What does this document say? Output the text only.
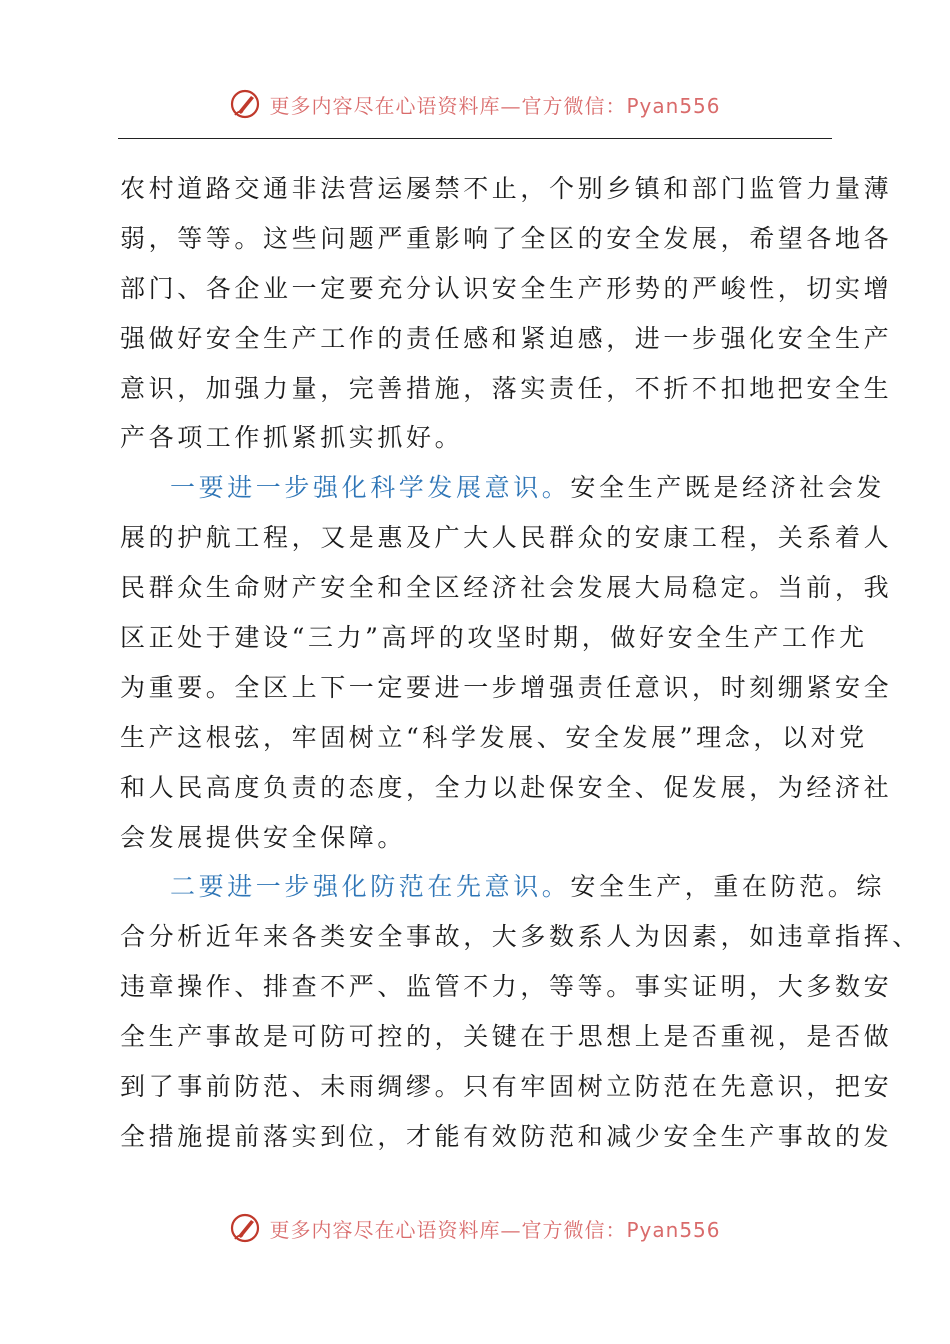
更多内容尽在心语资料库—官方微信：Pyan556
农村道路交通非法营运屡禁不止，个别乡镇和部门监管力量薄
弱，等等。这些问题严重影响了全区的安全发展，希望各地各
部门、各企业一定要充分认识安全生产形势的严峻性，切实增
强做好安全生产工作的责任感和紧迫感，进一步强化安全生产
意识，加强力量，完善措施，落实责任，不折不扣地把安全生
产各项工作抓紧抓实抓好。
一要进一步强化科学发展意识。安全生产既是经济社会发
展的护航工程，又是惠及广大人民群众的安康工程，关系着人
民群众生命财产安全和全区经济社会发展大局稳定。当前，我
区正处于建设“三力”高坪的攻坚时期，做好安全生产工作尤
为重要。全区上下一定要进一步增强责任意识，时刻绷紧安全
生产这根弦，牢固树立“科学发展、安全发展”理念，以对党
和人民高度负责的态度，全力以赴保安全、促发展，为经济社
会发展提供安全保障。
二要进一步强化防范在先意识。安全生产，重在防范。综
合分析近年来各类安全事故，大多数系人为因素，如违章指挥、
违章操作、排查不严、监管不力，等等。事实证明，大多数安
全生产事故是可防可控的，关键在于思想上是否重视，是否做
到了事前防范、未雨绸缪。只有牢固树立防范在先意识，把安
全措施提前落实到位，才能有效防范和减少安全生产事故的发
更多内容尽在心语资料库—官方微信：Pyan556
